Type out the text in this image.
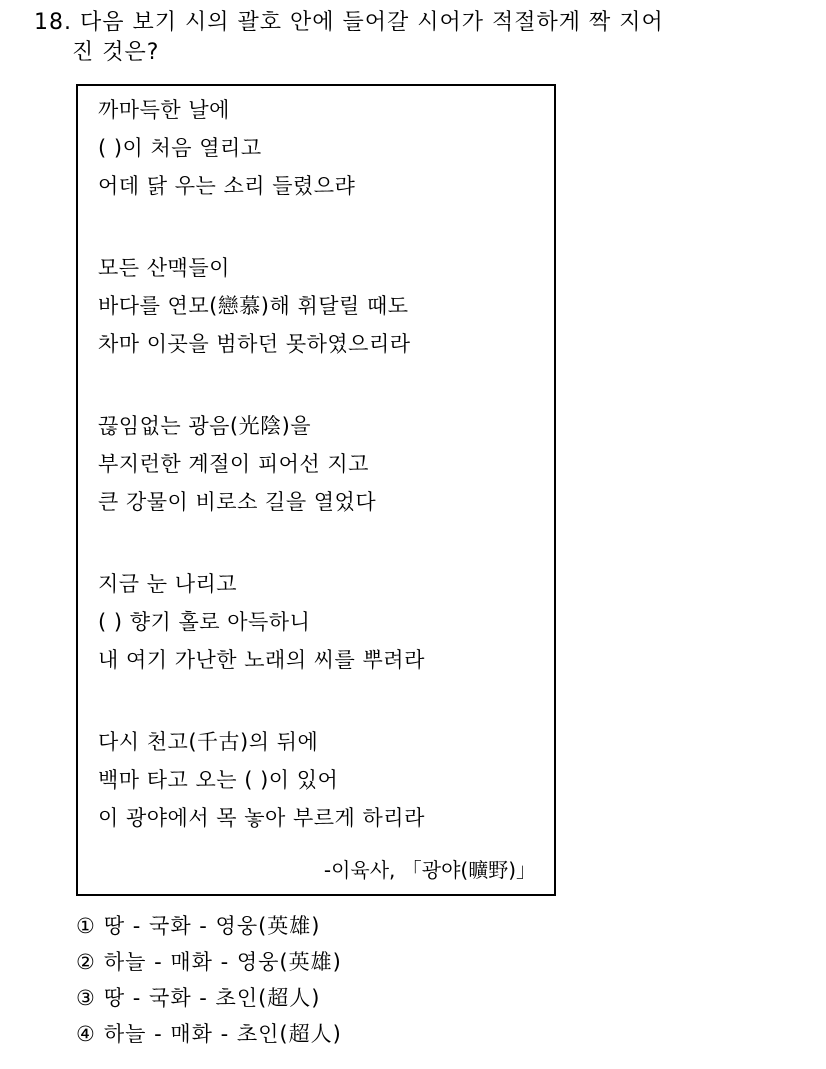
18. 다음 보기 시의 괄호 안에 들어갈 시어가 적절하게 짝 지어
진 것은?
까마득한 날에
( )이 처음 열리고
어데 닭 우는 소리 들렸으랴
모든 산맥들이
바다를 연모(戀慕)해 휘달릴 때도
차마 이곳을 범하던 못하였으리라
끊임없는 광음(光陰)을
부지런한 계절이 피어선 지고
큰 강물이 비로소 길을 열었다
지금 눈 나리고
( ) 향기 홀로 아득하니
내 여기 가난한 노래의 씨를 뿌려라
다시 천고(千古)의 뒤에
백마 타고 오는 ( )이 있어
이 광야에서 목 놓아 부르게 하리라
-이육사, 「광야(曠野)」
① 땅 - 국화 - 영웅(英雄)
② 하늘 - 매화 - 영웅(英雄)
③ 땅 - 국화 - 초인(超人)
④ 하늘 - 매화 - 초인(超人)
